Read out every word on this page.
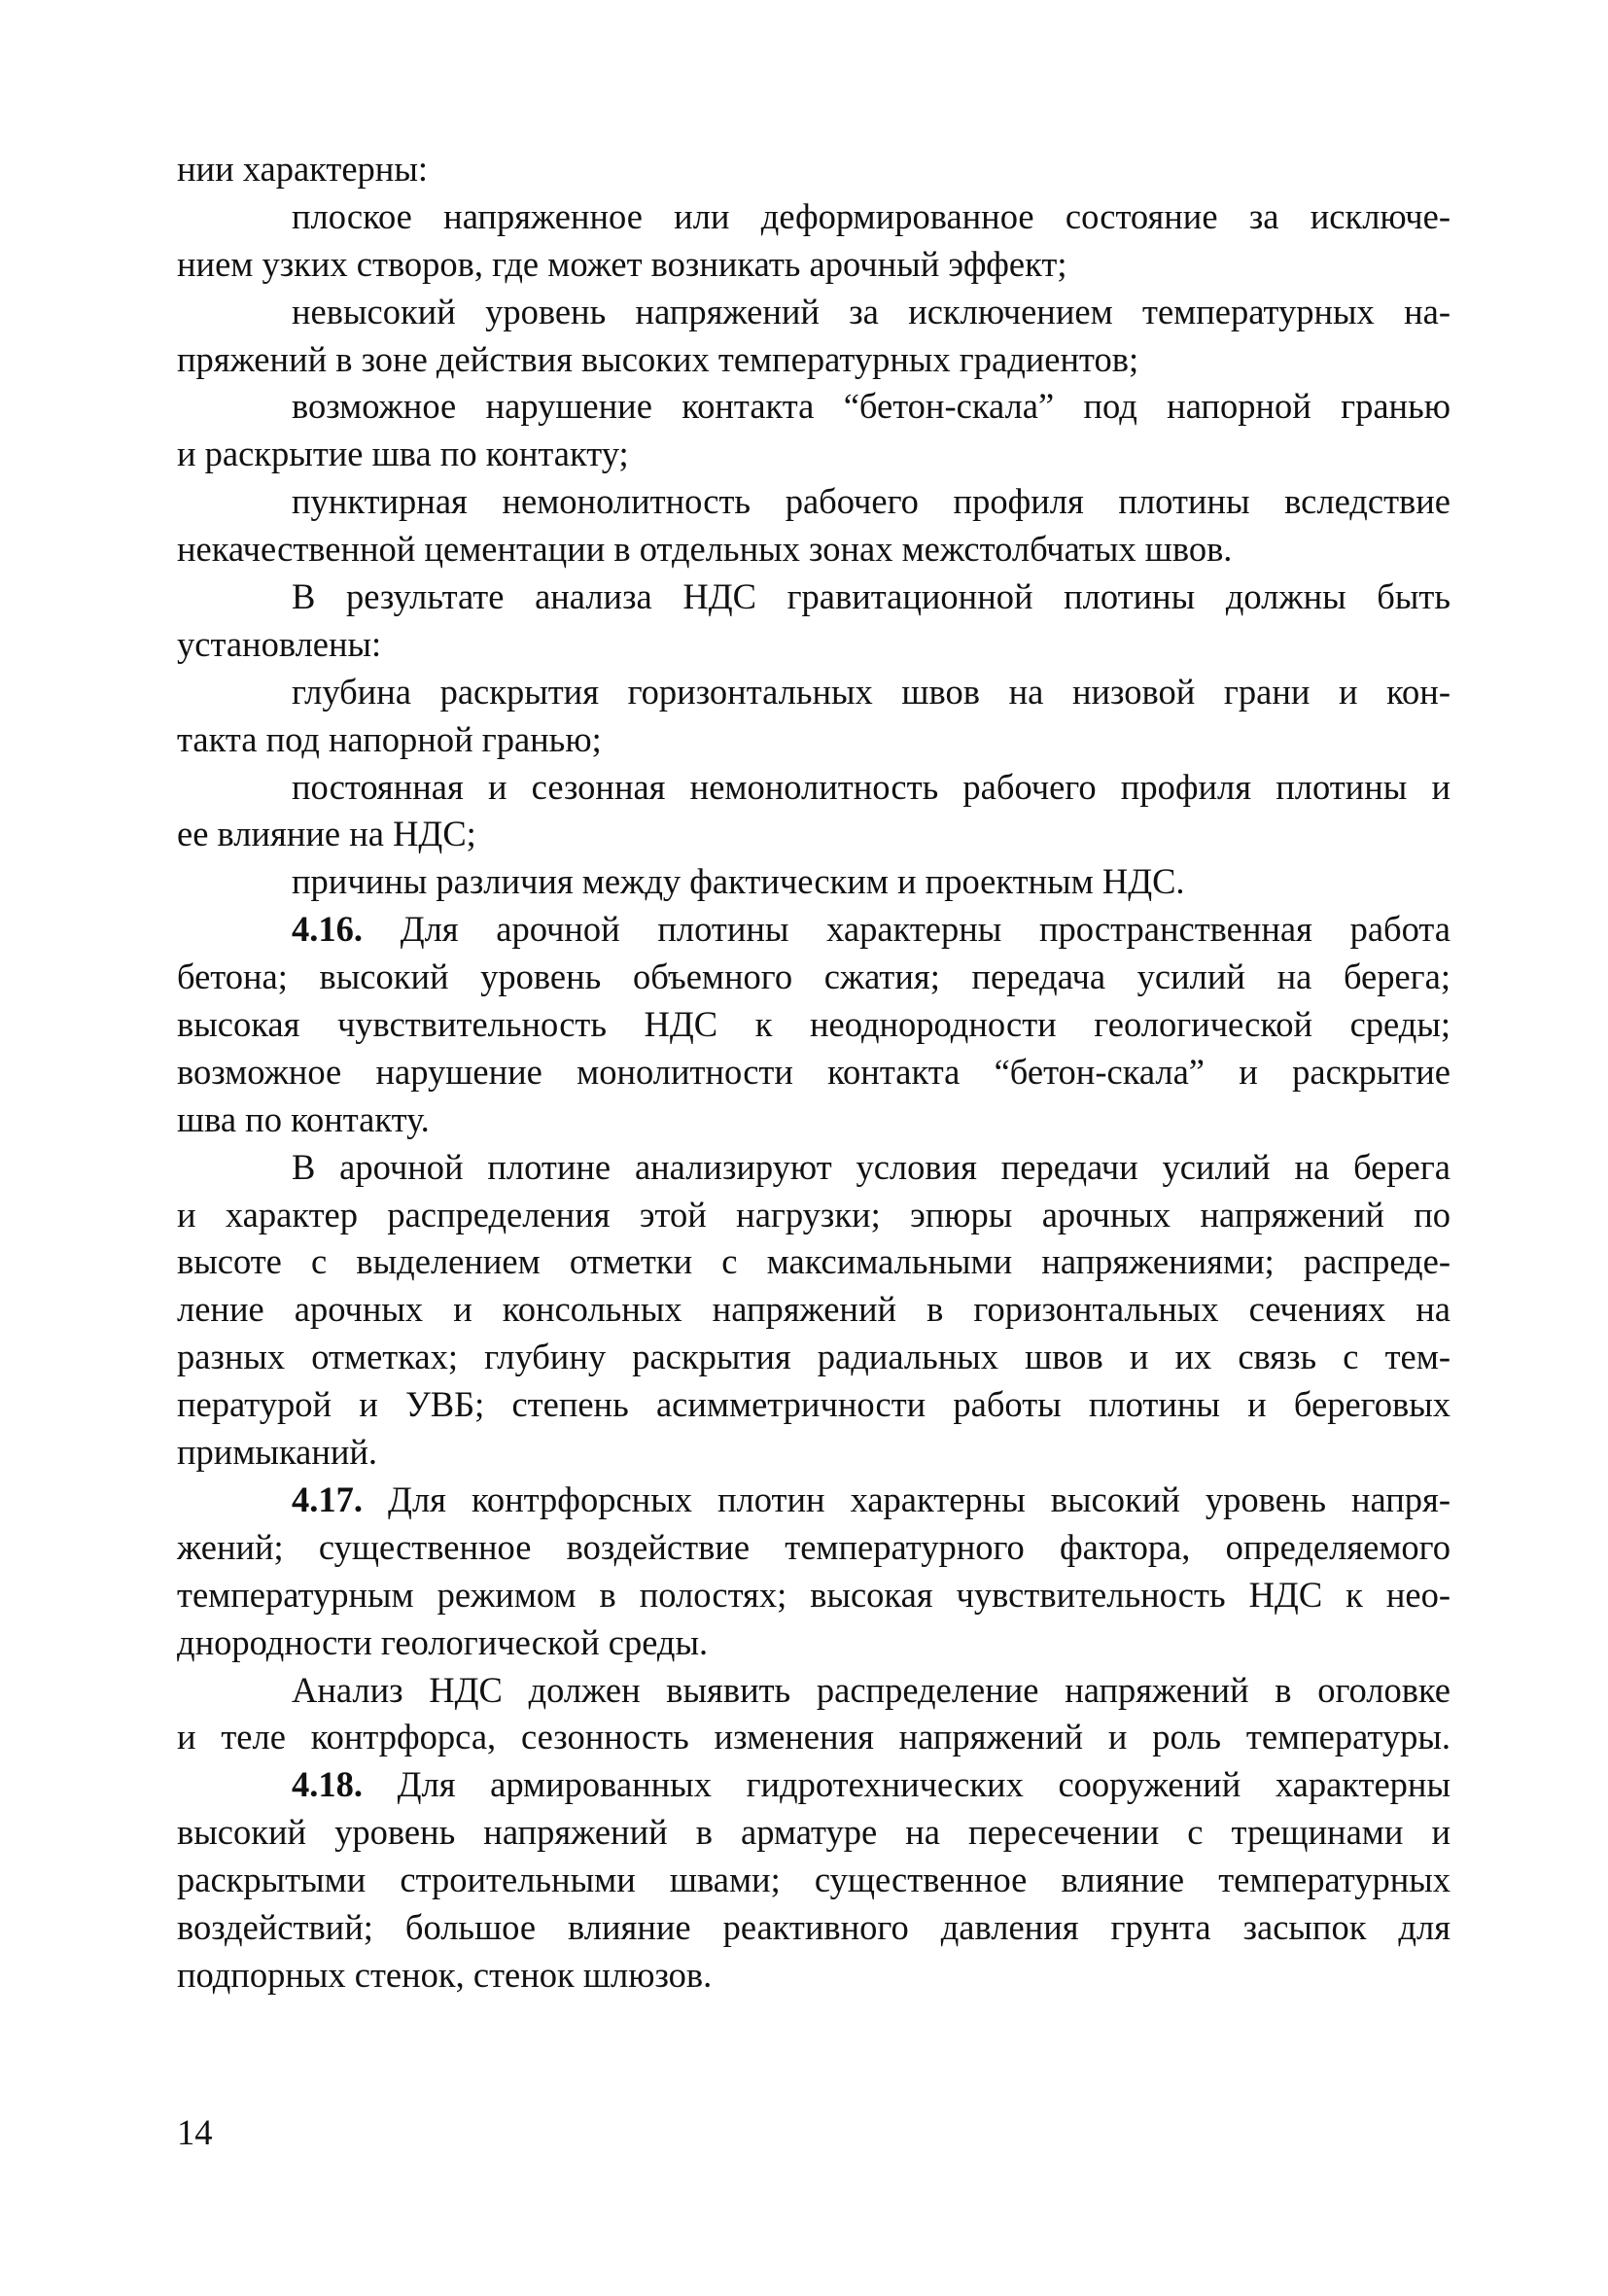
нии характерны:
плоское напряженное или деформированное состояние за исключе-
нием узких створов, где может возникать арочный эффект;
невысокий уровень напряжений за исключением температурных на-
пряжений в зоне действия высоких температурных градиентов;
возможное нарушение контакта “бетон-скала” под напорной гранью
и раскрытие шва по контакту;
пунктирная немонолитность рабочего профиля плотины вследствие
некачественной цементации в отдельных зонах межстолбчатых швов.
В результате анализа НДС гравитационной плотины должны быть
установлены:
глубина раскрытия горизонтальных швов на низовой грани и кон-
такта под напорной гранью;
постоянная и сезонная немонолитность рабочего профиля плотины и
ее влияние на НДС;
причины различия между фактическим и проектным НДС.
4.16. Для арочной плотины характерны пространственная работа
бетона; высокий уровень объемного сжатия; передача усилий на берега;
высокая чувствительность НДС к неоднородности геологической среды;
возможное нарушение монолитности контакта “бетон-скала” и раскрытие
шва по контакту.
В арочной плотине анализируют условия передачи усилий на берега
и характер распределения этой нагрузки; эпюры арочных напряжений по
высоте с выделением отметки с максимальными напряжениями; распреде-
ление арочных и консольных напряжений в горизонтальных сечениях на
разных отметках; глубину раскрытия радиальных швов и их связь с тем-
пературой и УВБ; степень асимметричности работы плотины и береговых
примыканий.
4.17. Для контрфорсных плотин характерны высокий уровень напря-
жений; существенное воздействие температурного фактора, определяемого
температурным режимом в полостях; высокая чувствительность НДС к нео-
днородности геологической среды.
Анализ НДС должен выявить распределение напряжений в оголовке
и теле контрфорса, сезонность изменения напряжений и роль температуры.
4.18. Для армированных гидротехнических сооружений характерны
высокий уровень напряжений в арматуре на пересечении с трещинами и
раскрытыми строительными швами; существенное влияние температурных
воздействий; большое влияние реактивного давления грунта засыпок для
подпорных стенок, стенок шлюзов.
14
